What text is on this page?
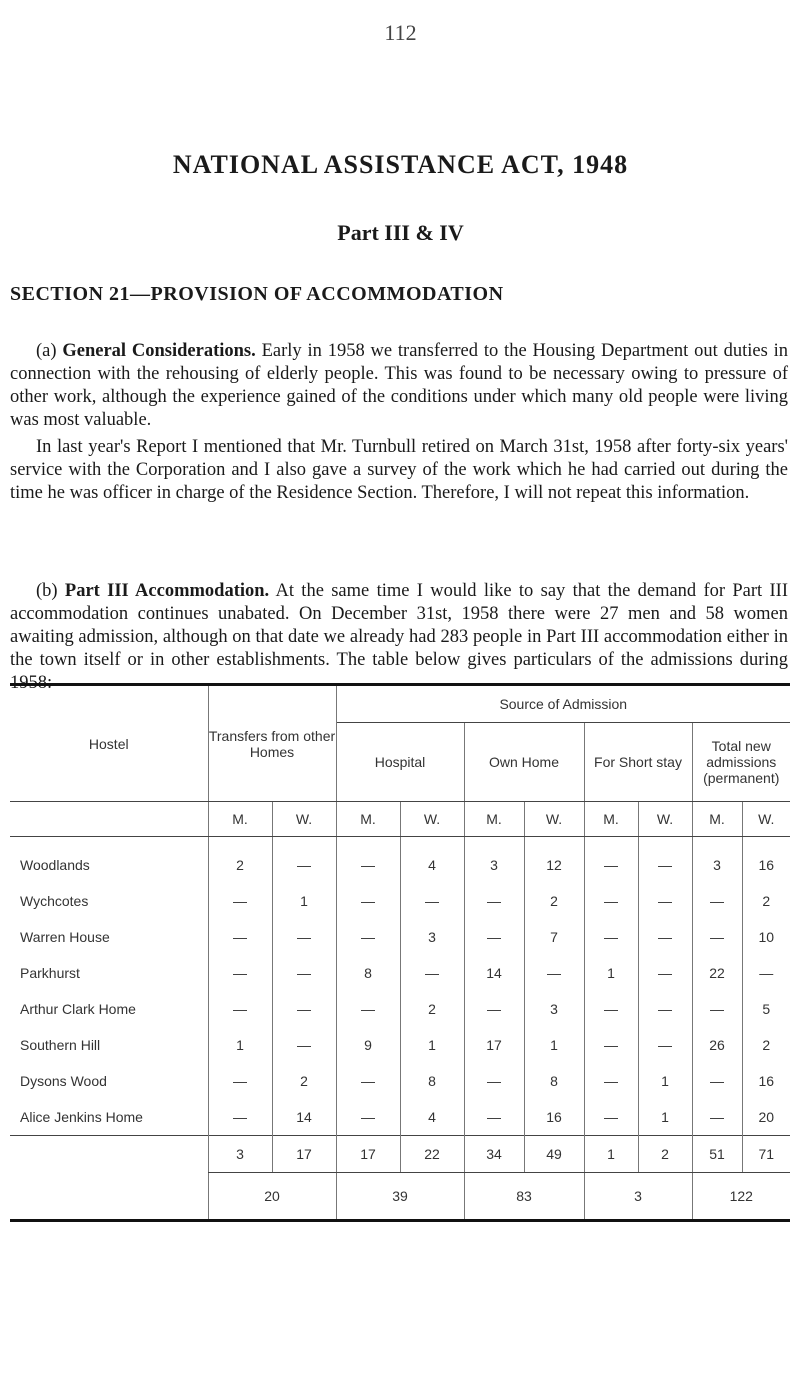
112
NATIONAL ASSISTANCE ACT, 1948
Part III & IV
SECTION 21—PROVISION OF ACCOMMODATION

(a) General Considerations. Early in 1958 we transferred to the Housing Department out duties in connection with the rehousing of elderly people. This was found to be necessary owing to pressure of other work, although the experience gained of the conditions under which many old people were living was most valuable.

In last year's Report I mentioned that Mr. Turnbull retired on March 31st, 1958 after forty-six years' service with the Corporation and I also gave a survey of the work which he had carried out during the time he was officer in charge of the Residence Section. Therefore, I will not repeat this information.

(b) Part III Accommodation. At the same time I would like to say that the demand for Part III accommodation continues unabated. On December 31st, 1958 there were 27 men and 58 women awaiting admission, although on that date we already had 283 people in Part III accommodation either in the town itself or in other establishments. The table below gives particulars of the admissions during 1958:—

Hostel	Transfers from other Homes		Source of Admission							
			Hospital		Own Home		For Short stay		Total new admissions (permanent)	
	M.	W.	M.	W.	M.	W.	M.	W.	M.	W.
Woodlands	2	—	—	4	3	12	—	—	3	16
Wychcotes	—	1	—	—	—	2	—	—	—	2
Warren House	—	—	—	3	—	7	—	—	—	10
Parkhurst	—	—	8	—	14	—	1	—	22	—
Arthur Clark Home	—	—	—	2	—	3	—	—	—	5
Southern Hill	1	—	9	1	17	1	—	—	26	2
Dysons Wood	—	2	—	8	—	8	—	1	—	16
Alice Jenkins Home	—	14	—	4	—	16	—	1	—	20
	3	17	17	22	34	49	1	2	51	71
	20		39		83		3		122	
